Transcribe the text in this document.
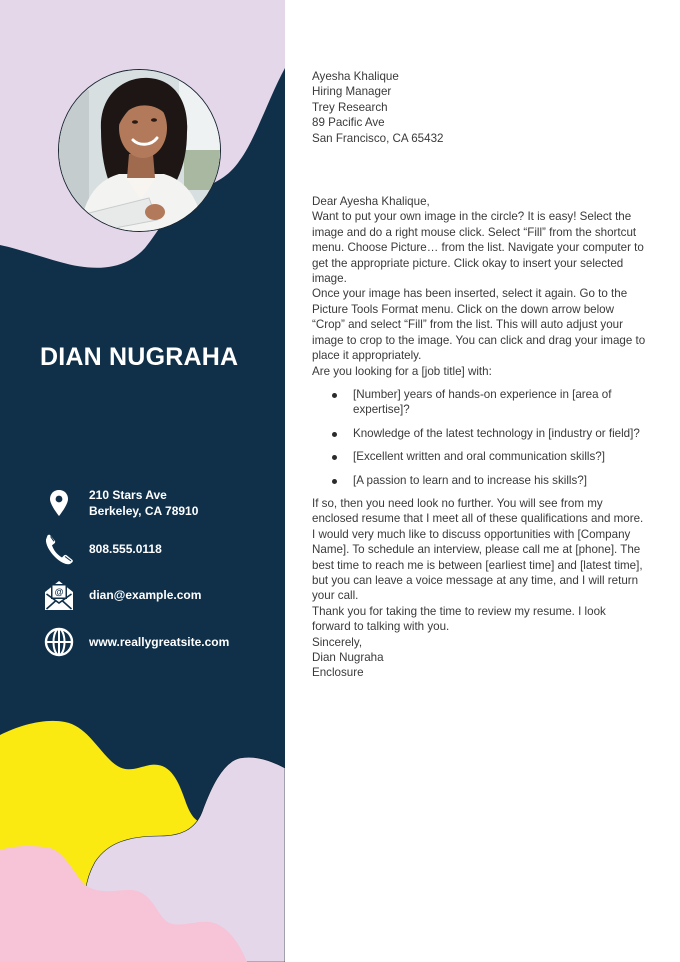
DIAN NUGRAHA
210 Stars Ave
Berkeley, CA 78910
808.555.0118
@ dian@example.com
www.reallygreatsite.com

Ayesha Khalique

Hiring Manager

Trey Research

89 Pacific Ave

San Francisco, CA 65432

Dear Ayesha Khalique,

Want to put your own image in the circle? It is easy! Select the image and do a right mouse click. Select “Fill” from the shortcut menu. Choose Picture… from the list. Navigate your computer to get the appropriate picture. Click okay to insert your selected image.

Once your image has been inserted, select it again. Go to the Picture Tools Format menu. Click on the down arrow below “Crop” and select “Fill” from the list. This will auto adjust your image to crop to the image. You can click and drag your image to place it appropriately.

Are you looking for a [job title] with:

[Number] years of hands-on experience in [area of expertise]?
Knowledge of the latest technology in [industry or field]?
[Excellent written and oral communication skills?]
[A passion to learn and to increase his skills?]

If so, then you need look no further. You will see from my enclosed resume that I meet all of these qualifications and more.

I would very much like to discuss opportunities with [Company Name]. To schedule an interview, please call me at [phone]. The best time to reach me is between [earliest time] and [latest time], but you can leave a voice message at any time, and I will return your call.

Thank you for taking the time to review my resume. I look forward to talking with you.

Sincerely,

Dian Nugraha

Enclosure
